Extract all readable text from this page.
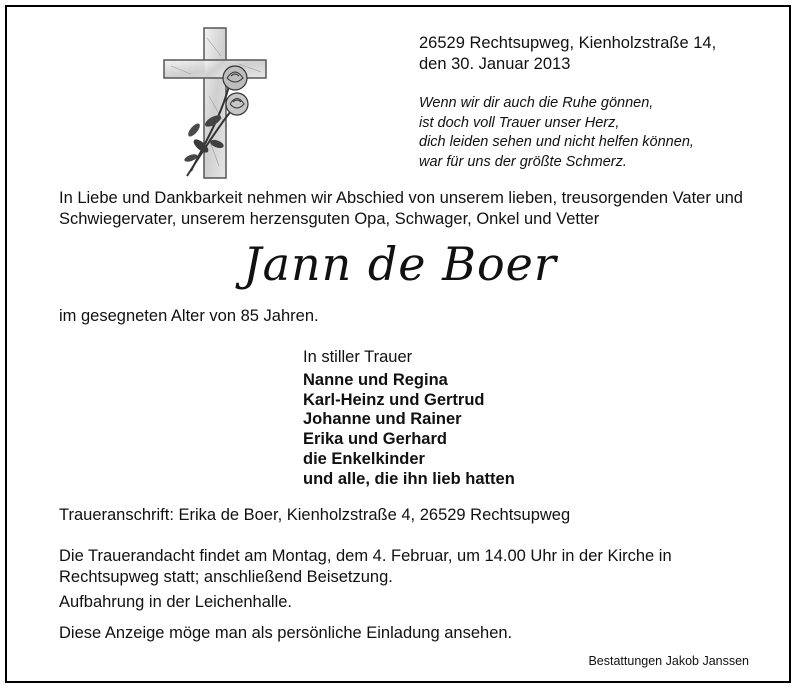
26529 Rechtsupweg, Kienholzstraße 14,
den 30. Januar 2013
Wenn wir dir auch die Ruhe gönnen,
ist doch voll Trauer unser Herz,
dich leiden sehen und nicht helfen können,
war für uns der größte Schmerz.
In Liebe und Dankbarkeit nehmen wir Abschied von unserem lieben, treusorgenden Vater und Schwiegervater, unserem herzensguten Opa, Schwager, Onkel und Vetter
Jann de Boer
im gesegneten Alter von 85 Jahren.
In stiller Trauer
Nanne und Regina
Karl-Heinz und Gertrud
Johanne und Rainer
Erika und Gerhard
die Enkelkinder
und alle, die ihn lieb hatten
Traueranschrift: Erika de Boer, Kienholzstraße 4, 26529 Rechtsupweg
Die Trauerandacht findet am Montag, dem 4. Februar, um 14.00 Uhr in der Kirche in Rechtsupweg statt; anschließend Beisetzung.
Aufbahrung in der Leichenhalle.
Diese Anzeige möge man als persönliche Einladung ansehen.
Bestattungen Jakob Janssen
